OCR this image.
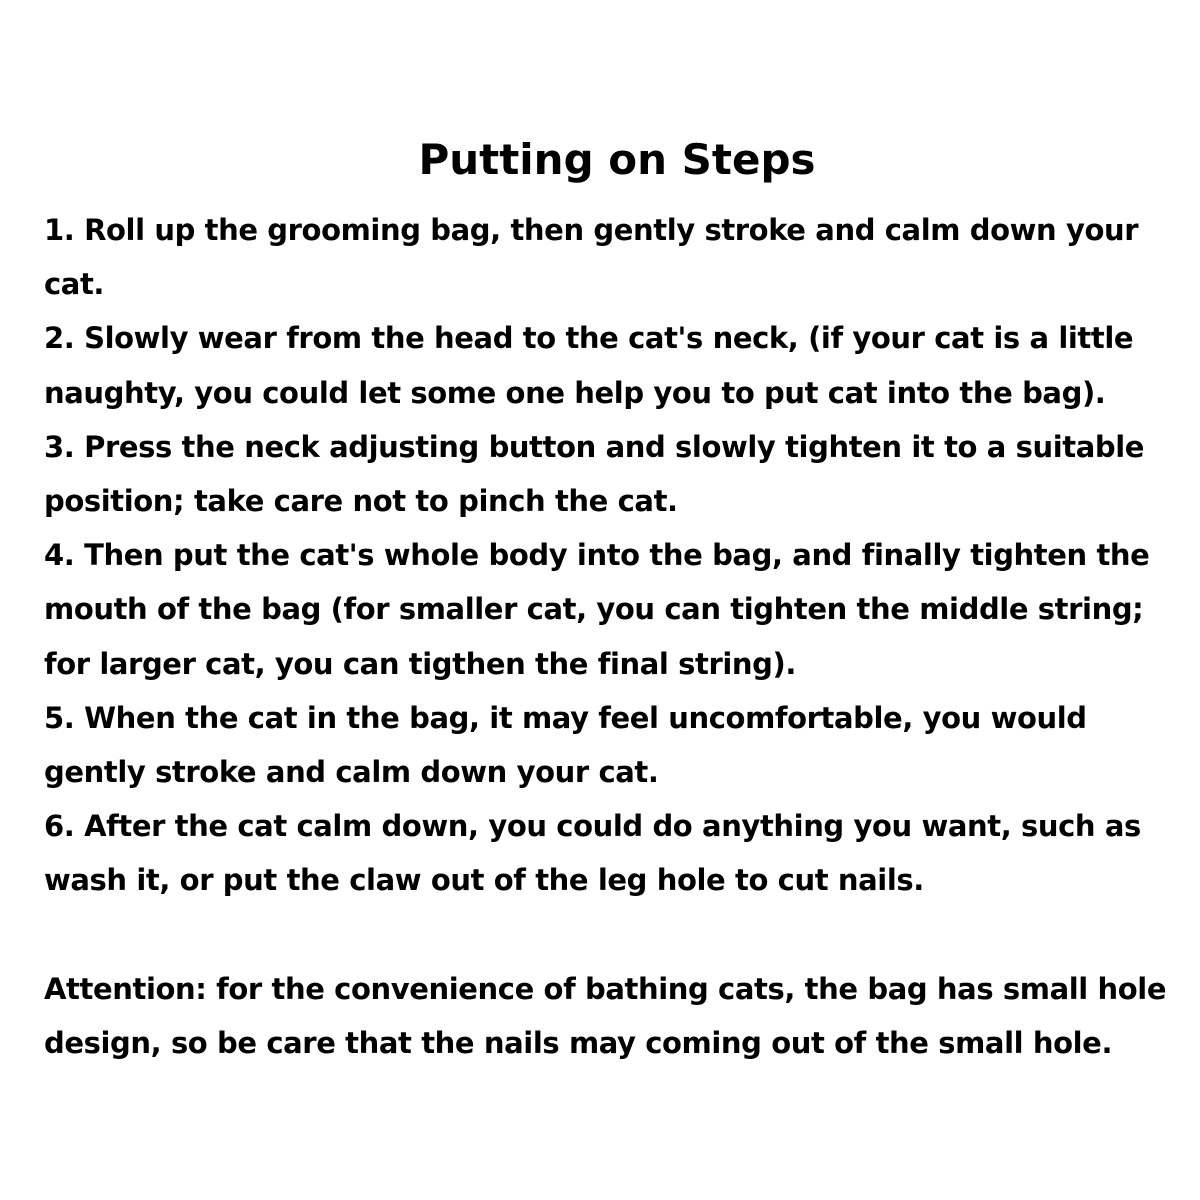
Putting on Steps

1. Roll up the grooming bag, then gently stroke and calm down your cat.

2. Slowly wear from the head to the cat's neck, (if your cat is a little naughty, you could let some one help you to put cat into the bag).

3. Press the neck adjusting button and slowly tighten it to a suitable position; take care not to pinch the cat.

4. Then put the cat's whole body into the bag, and finally tighten the mouth of the bag (for smaller cat, you can tighten the middle string; for larger cat, you can tigthen the final string).

5. When the cat in the bag, it may feel uncomfortable, you would gently stroke and calm down your cat.

6. After the cat calm down, you could do anything you want, such as wash it, or put the claw out of the leg hole to cut nails.

Attention: for the convenience of bathing cats, the bag has small hole design, so be care that the nails may coming out of the small hole.
